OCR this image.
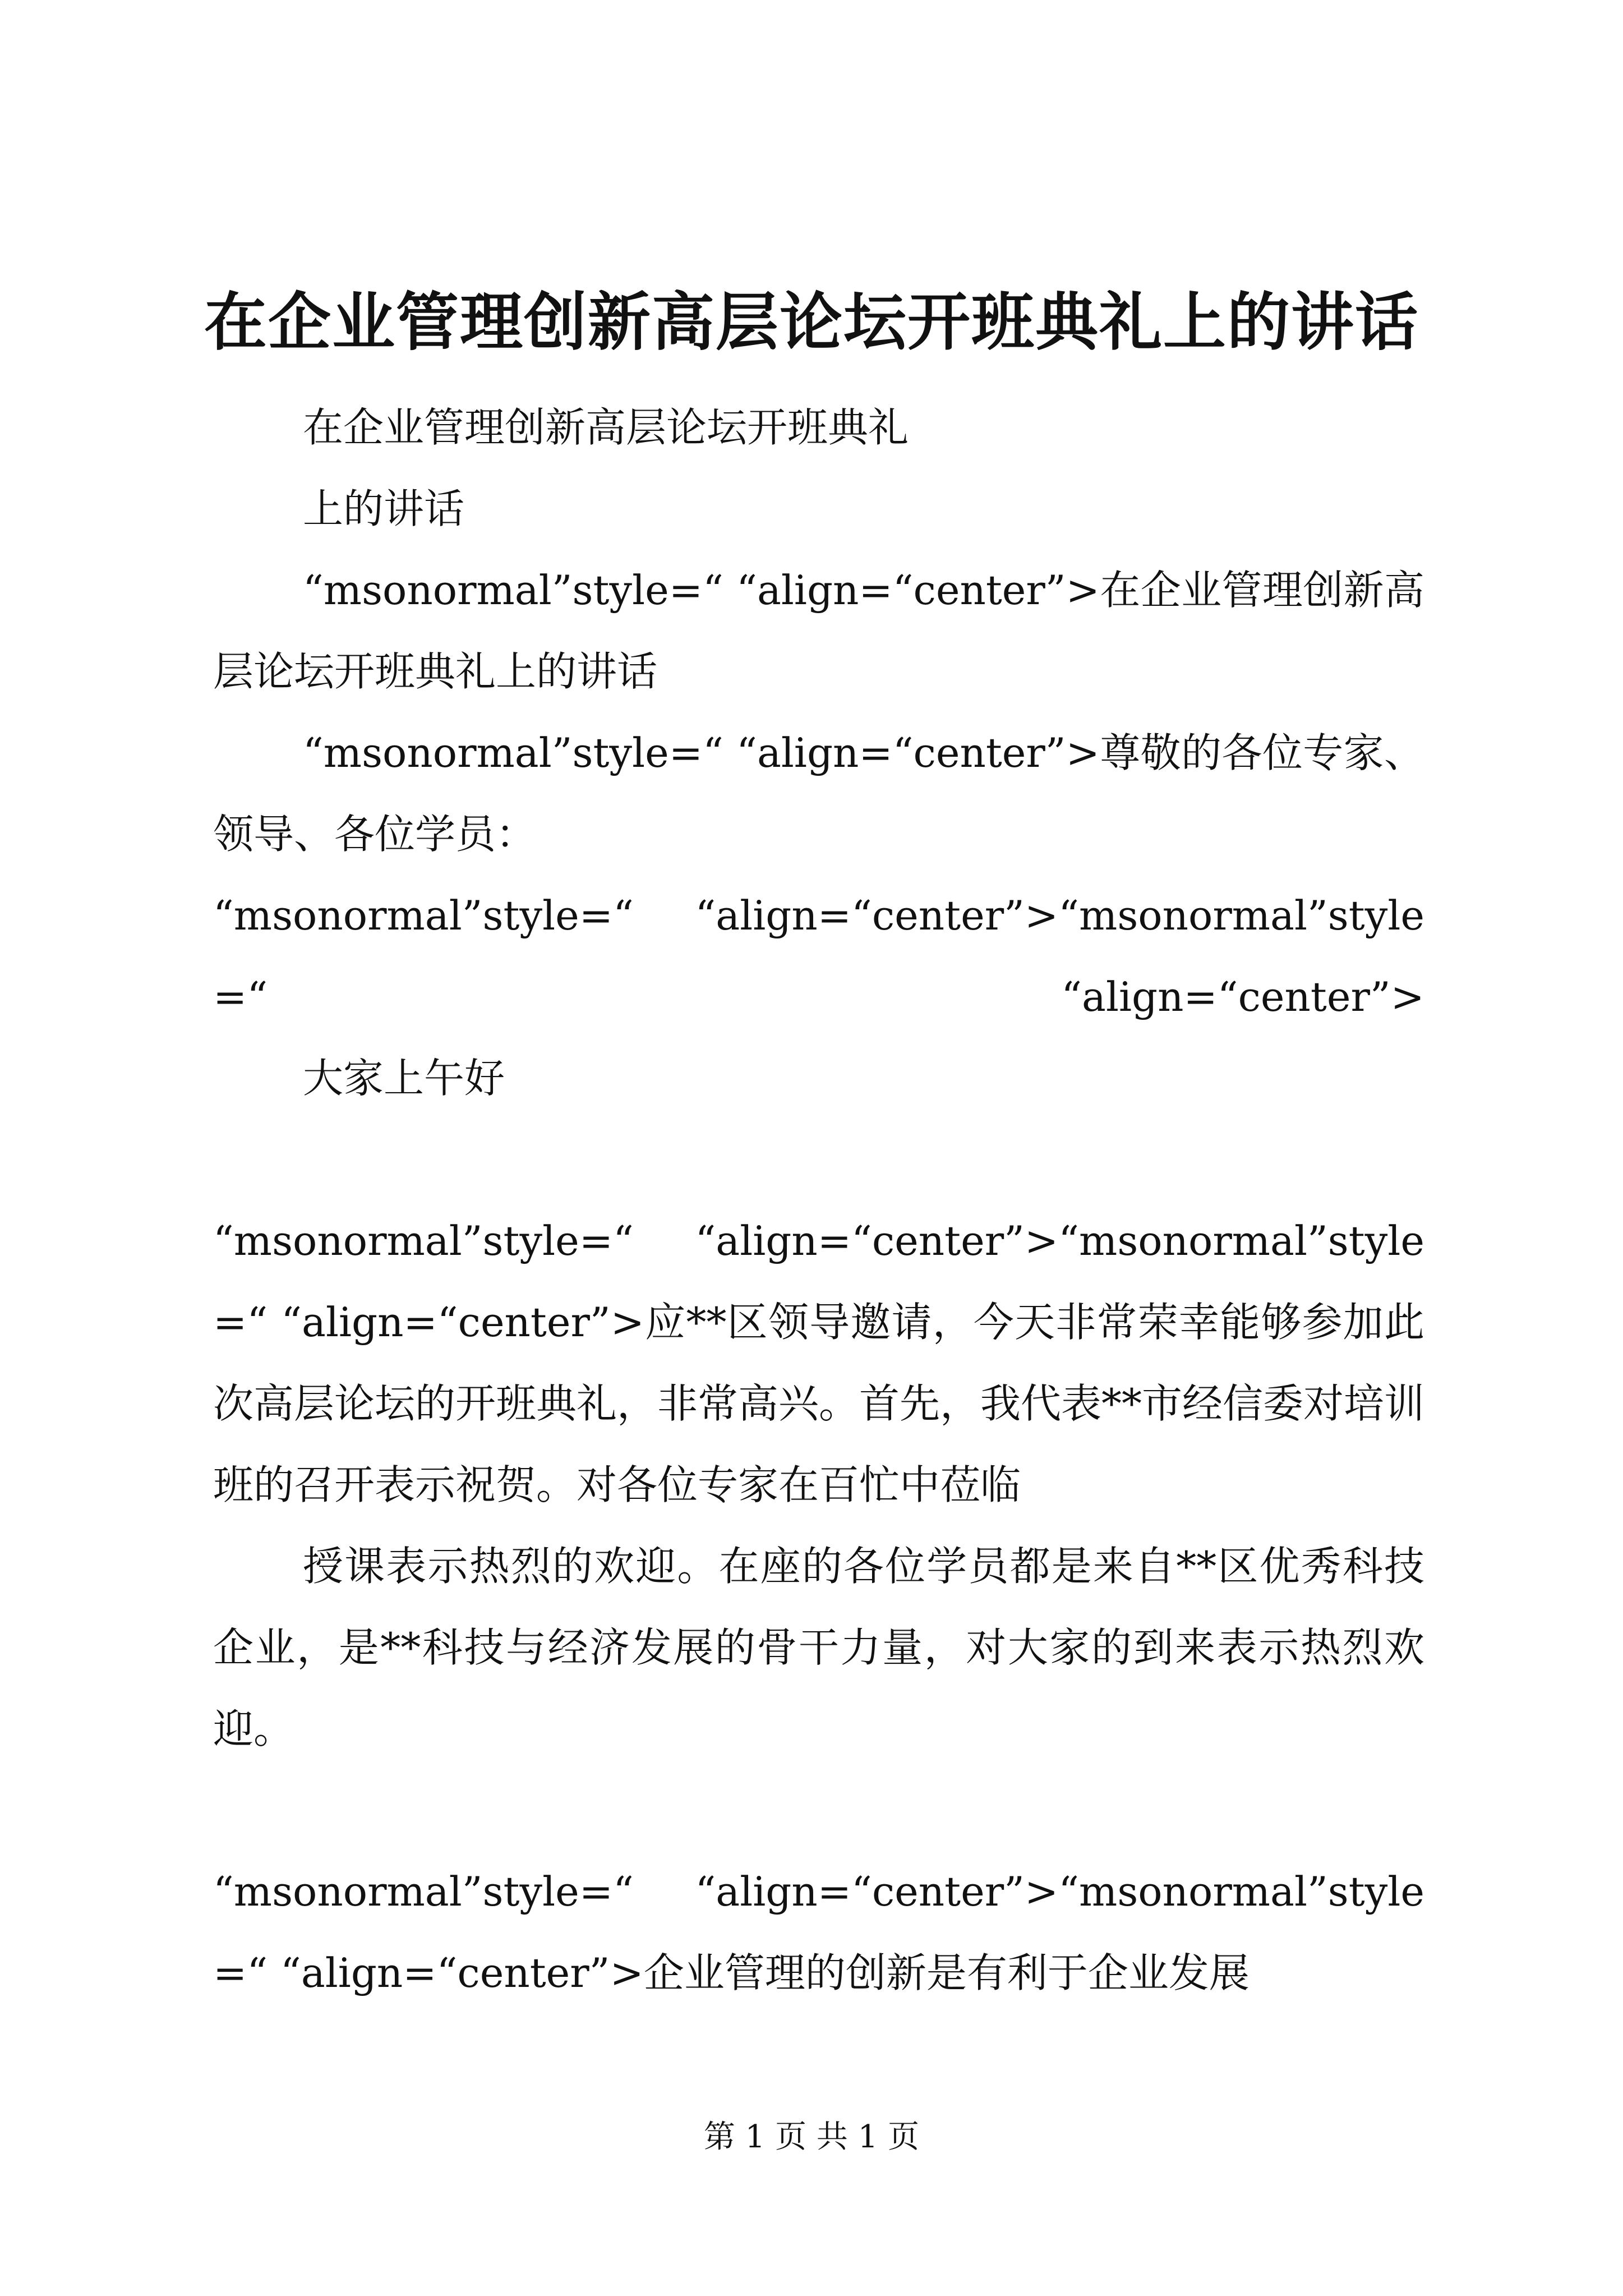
在企业管理创新高层论坛开班典礼上的讲话

在企业管理创新高层论坛开班典礼

上的讲话

“msonormal”style=“ “align=“center”>在企业管理创新高层论坛开班典礼上的讲话

“msonormal”style=“ “align=“center”>尊敬的各位专家、领导、各位学员：

“msonormal”style=“ “align=“center”>“msonormal”style=“ “align=“center”>

大家上午好

“msonormal”style=“ “align=“center”>“msonormal”style=“ “align=“center”>应**区领导邀请，今天非常荣幸能够参加此次高层论坛的开班典礼，非常高兴。首先，我代表**市经信委对培训班的召开表示祝贺。对各位专家在百忙中莅临

授课表示热烈的欢迎。在座的各位学员都是来自**区优秀科技企业，是**科技与经济发展的骨干力量，对大家的到来表示热烈欢迎。

“msonormal”style=“ “align=“center”>“msonormal”style=“ “align=“center”>企业管理的创新是有利于企业发展

第 1 页 共 1 页
